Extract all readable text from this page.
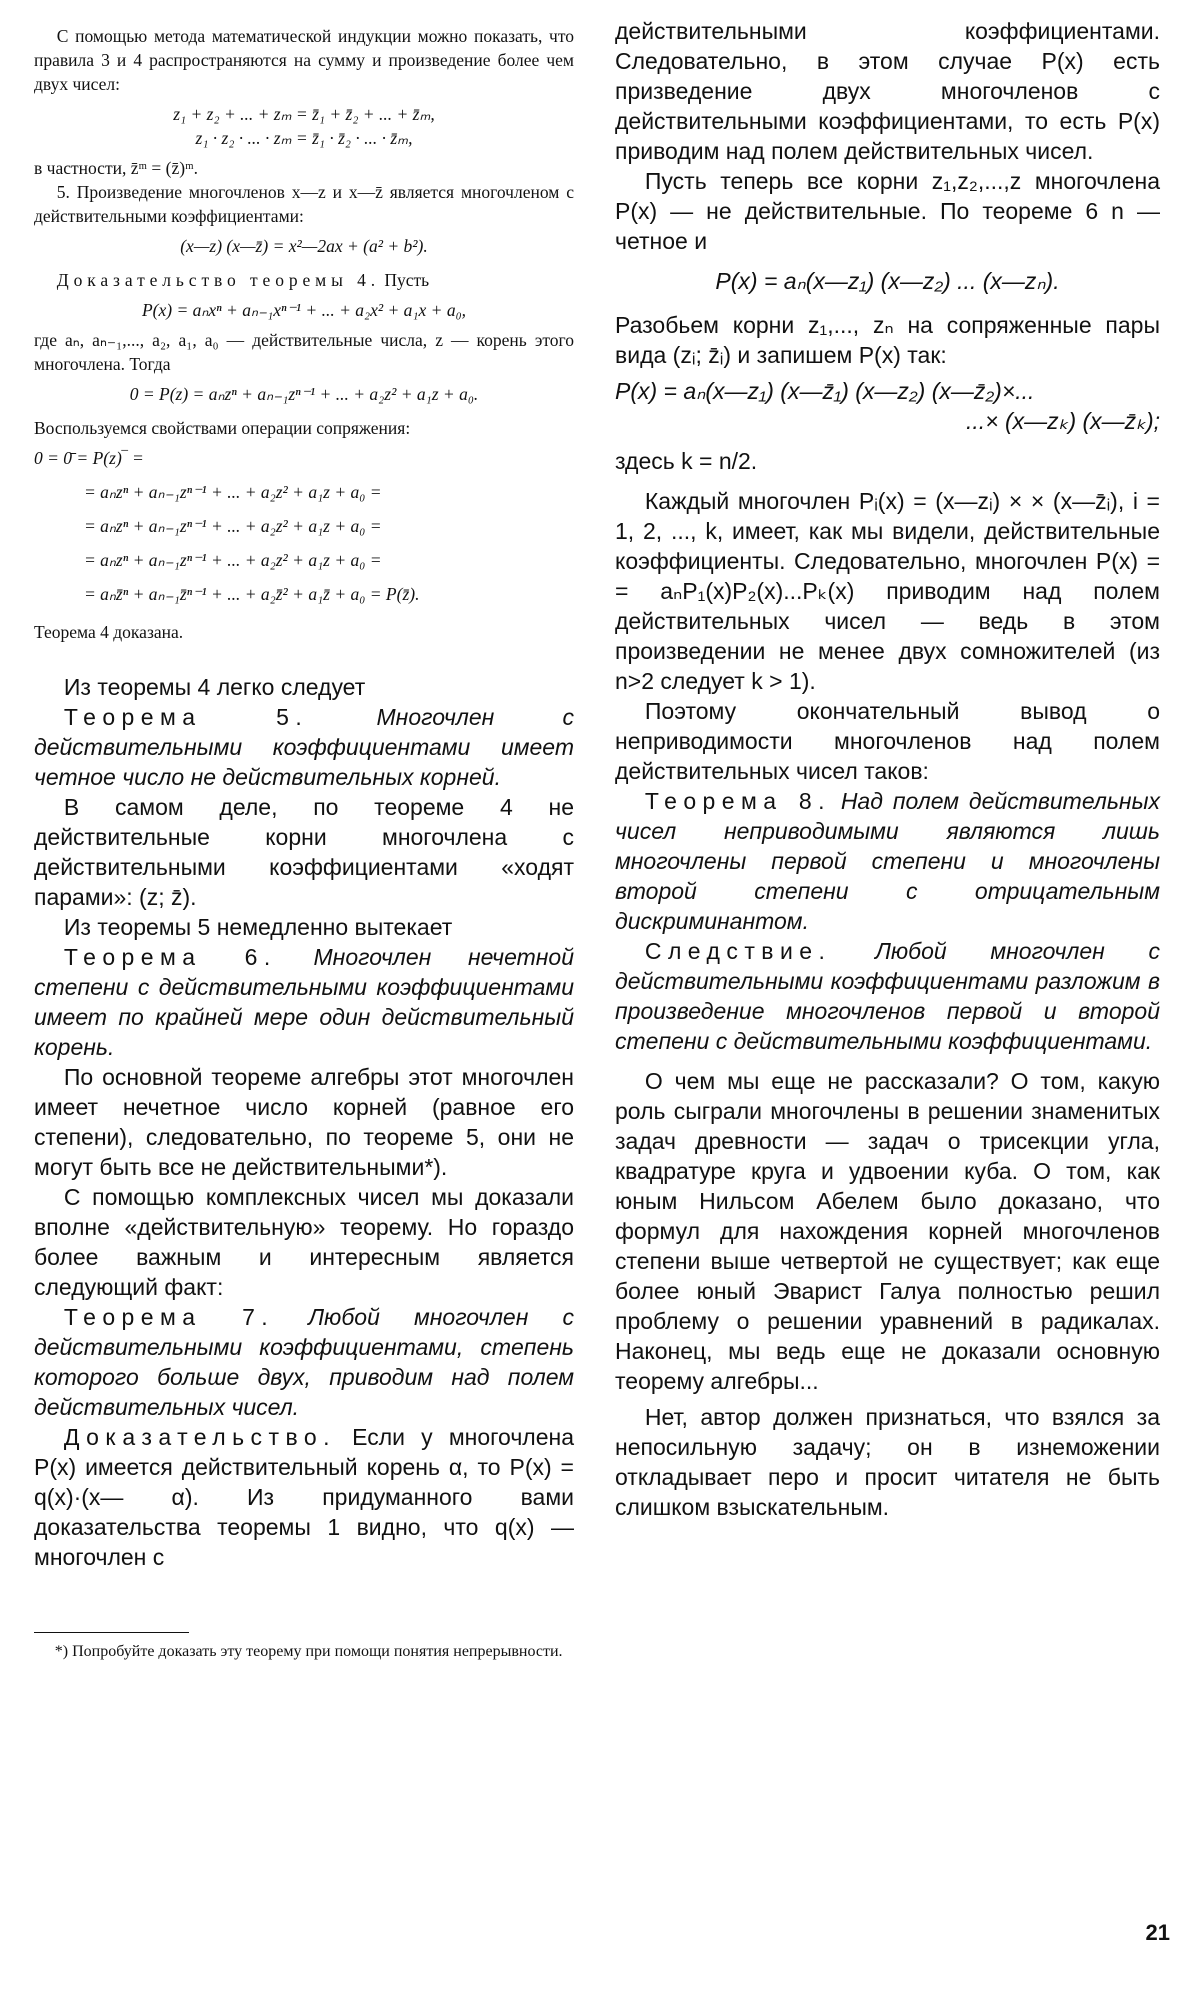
С помощью метода математической индукции можно показать, что правила 3 и 4 распространяются на сумму и произведение более чем двух чисел:

z₁ + z₂ + ... + zₘ = z̄₁ + z̄₂ + ... + z̄ₘ,
z₁ · z₂ · ... · zₘ = z̄₁ · z̄₂ · ... · z̄ₘ,

в частности, z̄ᵐ = (z̄)ᵐ.

5. Произведение многочленов x—z и x—z̄ является многочленом с действительными коэффициентами:

(x—z) (x—z̄) = x²—2ax + (a² + b²).

Доказательство теоремы 4. Пусть

P(x) = aₙxⁿ + aₙ₋₁xⁿ⁻¹ + ... + a₂x² + a₁x + a₀,

где aₙ, aₙ₋₁,..., a₂, a₁, a₀ — действительные числа, z — корень этого многочлена. Тогда

0 = P(z) = aₙzⁿ + aₙ₋₁zⁿ⁻¹ + ... + a₂z² + a₁z + a₀.

Воспользуемся свойствами операции сопряжения:

0 = 0̄ = P(z)‾ =
= aₙzⁿ + aₙ₋₁zⁿ⁻¹ + ... + a₂z² + a₁z + a₀ =
= aₙzⁿ + aₙ₋₁zⁿ⁻¹ + ... + a₂z² + a₁z + a₀ =
= aₙzⁿ + aₙ₋₁zⁿ⁻¹ + ... + a₂z² + a₁z + a₀ =
= aₙz̄ⁿ + aₙ₋₁z̄ⁿ⁻¹ + ... + a₂z̄² + a₁z̄ + a₀ = P(z̄).

Теорема 4 доказана.

Из теоремы 4 легко следует

Теорема 5.	Многочлен с действительными коэффициентами имеет четное число не действительных корней.

В самом деле, по теореме 4 не действительные корни многочлена с действительными коэффициентами «ходят парами»: (z; z̄).

Из теоремы 5 немедленно вытекает

Теорема 6. Многочлен нечетной степени с действительными коэффициентами имеет по крайней мере один действительный корень.

По основной теореме алгебры этот многочлен имеет нечетное число корней (равное его степени), следовательно, по теореме 5, они не могут быть все не действительными*).

С помощью комплексных чисел мы доказали вполне «действительную» теорему. Но гораздо более важным и интересным является следующий факт:

Теорема 7. Любой многочлен с действительными коэффициентами, степень которого больше двух, приводим над полем действительных чисел.

Доказательство. Если у многочлена P(x) имеется действительный корень α, то P(x) = q(x)·(x— α). Из придуманного вами доказательства теоремы 1 видно, что q(x) — многочлен с

*) Попробуйте доказать эту теорему при помощи понятия непрерывности.

действительными коэффициентами. Следовательно, в этом случае P(x) есть призведение двух многочленов с действительными коэффициентами, то есть P(x) приводим над полем действительных чисел.

Пусть теперь все корни z₁,z₂,...,z многочлена P(x) — не действительные. По теореме 6 n — четное и

P(x) = aₙ(x—z₁) (x—z₂) ... (x—zₙ).

Разобьем корни z₁,..., zₙ на сопряженные пары вида (zᵢ; z̄ᵢ) и запишем P(x) так:

P(x) = aₙ(x—z₁) (x—z̄₁) (x—z₂) (x—z̄₂)×...
...× (x—zₖ) (x—z̄ₖ);

здесь k = n/2.

Каждый многочлен Pᵢ(x) = (x—zᵢ) × × (x—z̄ᵢ), i = 1, 2, ..., k, имеет, как мы видели, действительные коэффициенты. Следовательно, многочлен P(x) = = aₙP₁(x)P₂(x)...Pₖ(x) приводим над полем действительных чисел — ведь в этом произведении не менее двух сомножителей (из n>2 следует k > 1).

Поэтому окончательный вывод о неприводимости многочленов над полем действительных чисел таков:

Теорема 8. Над полем действительных чисел неприводимыми являются лишь многочлены первой степени и многочлены второй степени с отрицательным дискриминантом.

Следствие. Любой многочлен с действительными коэффициентами разложим в произведение многочленов первой и второй степени с действительными коэффициентами.

О чем мы еще не рассказали? О том, какую роль сыграли многочлены в решении знаменитых задач древности — задач о трисекции угла, квадратуре круга и удвоении куба. О том, как юным Нильсом Абелем было доказано, что формул для нахождения корней многочленов степени выше четвертой не существует; как еще более юный Эварист Галуа полностью решил проблему о решении уравнений в радикалах. Наконец, мы ведь еще не доказали основную теорему алгебры...

Нет, автор должен признаться, что взялся за непосильную задачу; он в изнеможении откладывает перо и просит читателя не быть слишком взыскательным.

21
